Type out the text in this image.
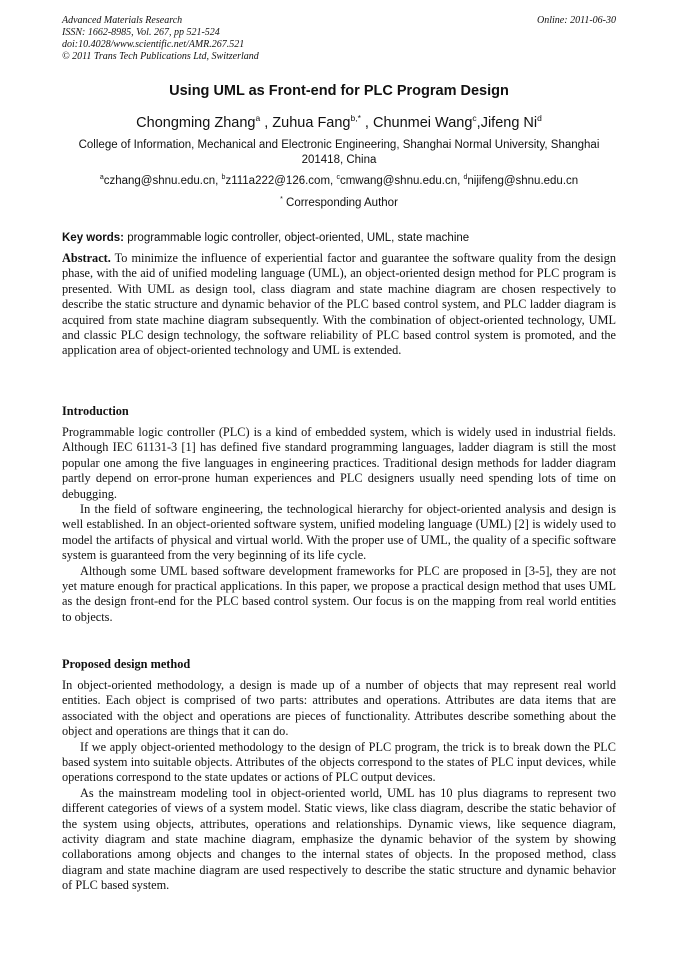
Advanced Materials Research
ISSN: 1662-8985, Vol. 267, pp 521-524
doi:10.4028/www.scientific.net/AMR.267.521
© 2011 Trans Tech Publications Ltd, Switzerland
Online: 2011-06-30
Using UML as Front-end for PLC Program Design
Chongming Zhang$^a$ , Zuhua Fang$^{b,*}$ , Chunmei Wang$^c$,Jifeng Ni$^d$
College of Information, Mechanical and Electronic Engineering, Shanghai Normal University, Shanghai 201418, China
$^a$czhang@shnu.edu.cn, $^b$z111a222@126.com, $^c$cmwang@shnu.edu.cn, $^d$nijifeng@shnu.edu.cn
* Corresponding Author
Key words: programmable logic controller, object-oriented, UML, state machine

Abstract. To minimize the influence of experiential factor and guarantee the software quality from the design phase, with the aid of unified modeling language (UML), an object-oriented design method for PLC program is presented. With UML as design tool, class diagram and state machine diagram are chosen respectively to describe the static structure and dynamic behavior of the PLC based control system, and PLC ladder diagram is acquired from state machine diagram subsequently. With the combination of object-oriented technology, UML and classic PLC design technology, the software reliability of PLC based control system is promoted, and the application area of object-oriented technology and UML is extended.

Introduction

Programmable logic controller (PLC) is a kind of embedded system, which is widely used in industrial fields. Although IEC 61131-3 [1] has defined five standard programming languages, ladder diagram is still the most popular one among the five languages in engineering practices. Traditional design methods for ladder diagram partly depend on error-prone human experiences and PLC designers usually need spending lots of time on debugging.

In the field of software engineering, the technological hierarchy for object-oriented analysis and design is well established. In an object-oriented software system, unified modeling language (UML) [2] is widely used to model the artifacts of physical and virtual world. With the proper use of UML, the quality of a specific software system is guaranteed from the very beginning of its life cycle.

Although some UML based software development frameworks for PLC are proposed in [3-5], they are not yet mature enough for practical applications. In this paper, we propose a practical design method that uses UML as the design front-end for the PLC based control system. Our focus is on the mapping from real world entities to objects.

Proposed design method

In object-oriented methodology, a design is made up of a number of objects that may represent real world entities. Each object is comprised of two parts: attributes and operations. Attributes are data items that are associated with the object and operations are pieces of functionality. Attributes describe something about the object and operations are things that it can do.

If we apply object-oriented methodology to the design of PLC program, the trick is to break down the PLC based system into suitable objects. Attributes of the objects correspond to the states of PLC input devices, while operations correspond to the state updates or actions of PLC output devices.

As the mainstream modeling tool in object-oriented world, UML has 10 plus diagrams to represent two different categories of views of a system model. Static views, like class diagram, describe the static behavior of the system using objects, attributes, operations and relationships. Dynamic views, like sequence diagram, activity diagram and state machine diagram, emphasize the dynamic behavior of the system by showing collaborations among objects and changes to the internal states of objects. In the proposed method, class diagram and state machine diagram are used respectively to describe the static structure and dynamic behavior of PLC based system.
